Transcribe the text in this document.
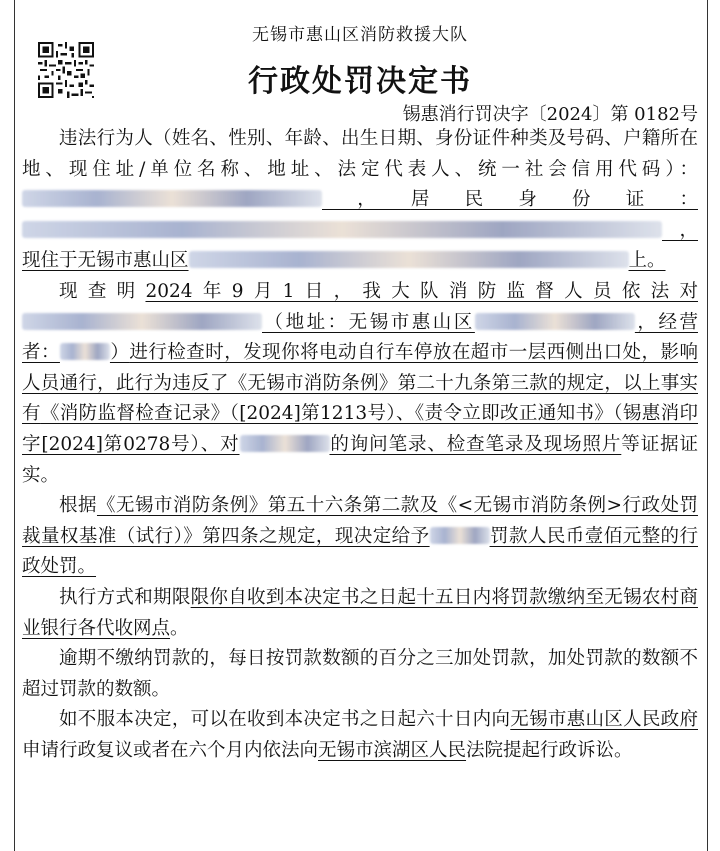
无锡市惠山区消防救援大队
行政处罚决定书
锡惠消行罚决字〔2024〕第 0182号

违法行为人（姓名、性别、年龄、出生日期、身份证件种类及号码、户籍所在地、现住址/单位名称、地址、法定代表人、统一社会信用代码）：，居民身份证：，现住于无锡市惠山区	上。

现查明2024年9月1日，我大队消防监督人员依法对（地址：无锡市惠山区	，经营者：	）进行检查时，发现你将电动自行车停放在超市一层西侧出口处，影响人员通行，此行为违反了《无锡市消防条例》第二十九条第三款的规定，以上事实有《消防监督检查记录》（[2024]第1213号）、《责令立即改正通知书》（锡惠消印字[2024]第0278号）、对	的询问笔录、检查笔录及现场照片等证据证实。

根据《无锡市消防条例》第五十六条第二款及《<无锡市消防条例>行政处罚裁量权基准（试行）》第四条之规定，现决定给予	罚款人民币壹佰元整的行政处罚。

执行方式和期限限你自收到本决定书之日起十五日内将罚款缴纳至无锡农村商业银行各代收网点。

逾期不缴纳罚款的，每日按罚款数额的百分之三加处罚款，加处罚款的数额不超过罚款的数额。

如不服本决定，可以在收到本决定书之日起六十日内向无锡市惠山区人民政府申请行政复议或者在六个月内依法向无锡市滨湖区人民法院提起行政诉讼。
